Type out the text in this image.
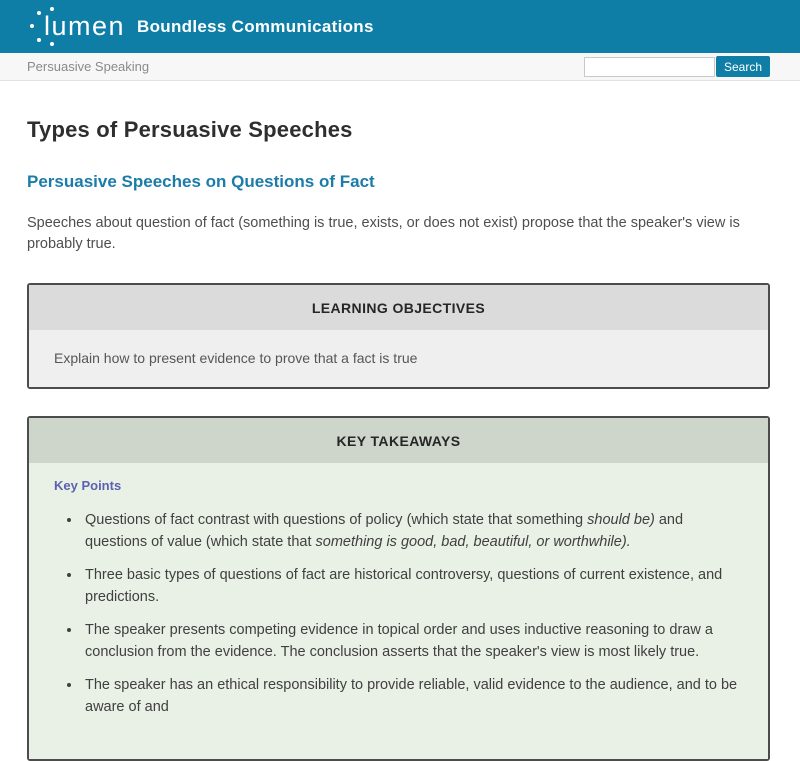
lumen Boundless Communications
Persuasive Speaking	Search
Types of Persuasive Speeches
Persuasive Speeches on Questions of Fact

Speeches about question of fact (something is true, exists, or does not exist) propose that the speaker's view is probably true.

LEARNING OBJECTIVES
Explain how to present evidence to prove that a fact is true
KEY TAKEAWAYS
Key Points
• Questions of fact contrast with questions of policy (which state that something should be) and questions of value (which state that something is good, bad, beautiful, or worthwhile).
• Three basic types of questions of fact are historical controversy, questions of current existence, and predictions.
• The speaker presents competing evidence in topical order and uses inductive reasoning to draw a conclusion from the evidence. The conclusion asserts that the speaker's view is most likely true.
• The speaker has an ethical responsibility to provide reliable, valid evidence to the audience, and to be aware of and
